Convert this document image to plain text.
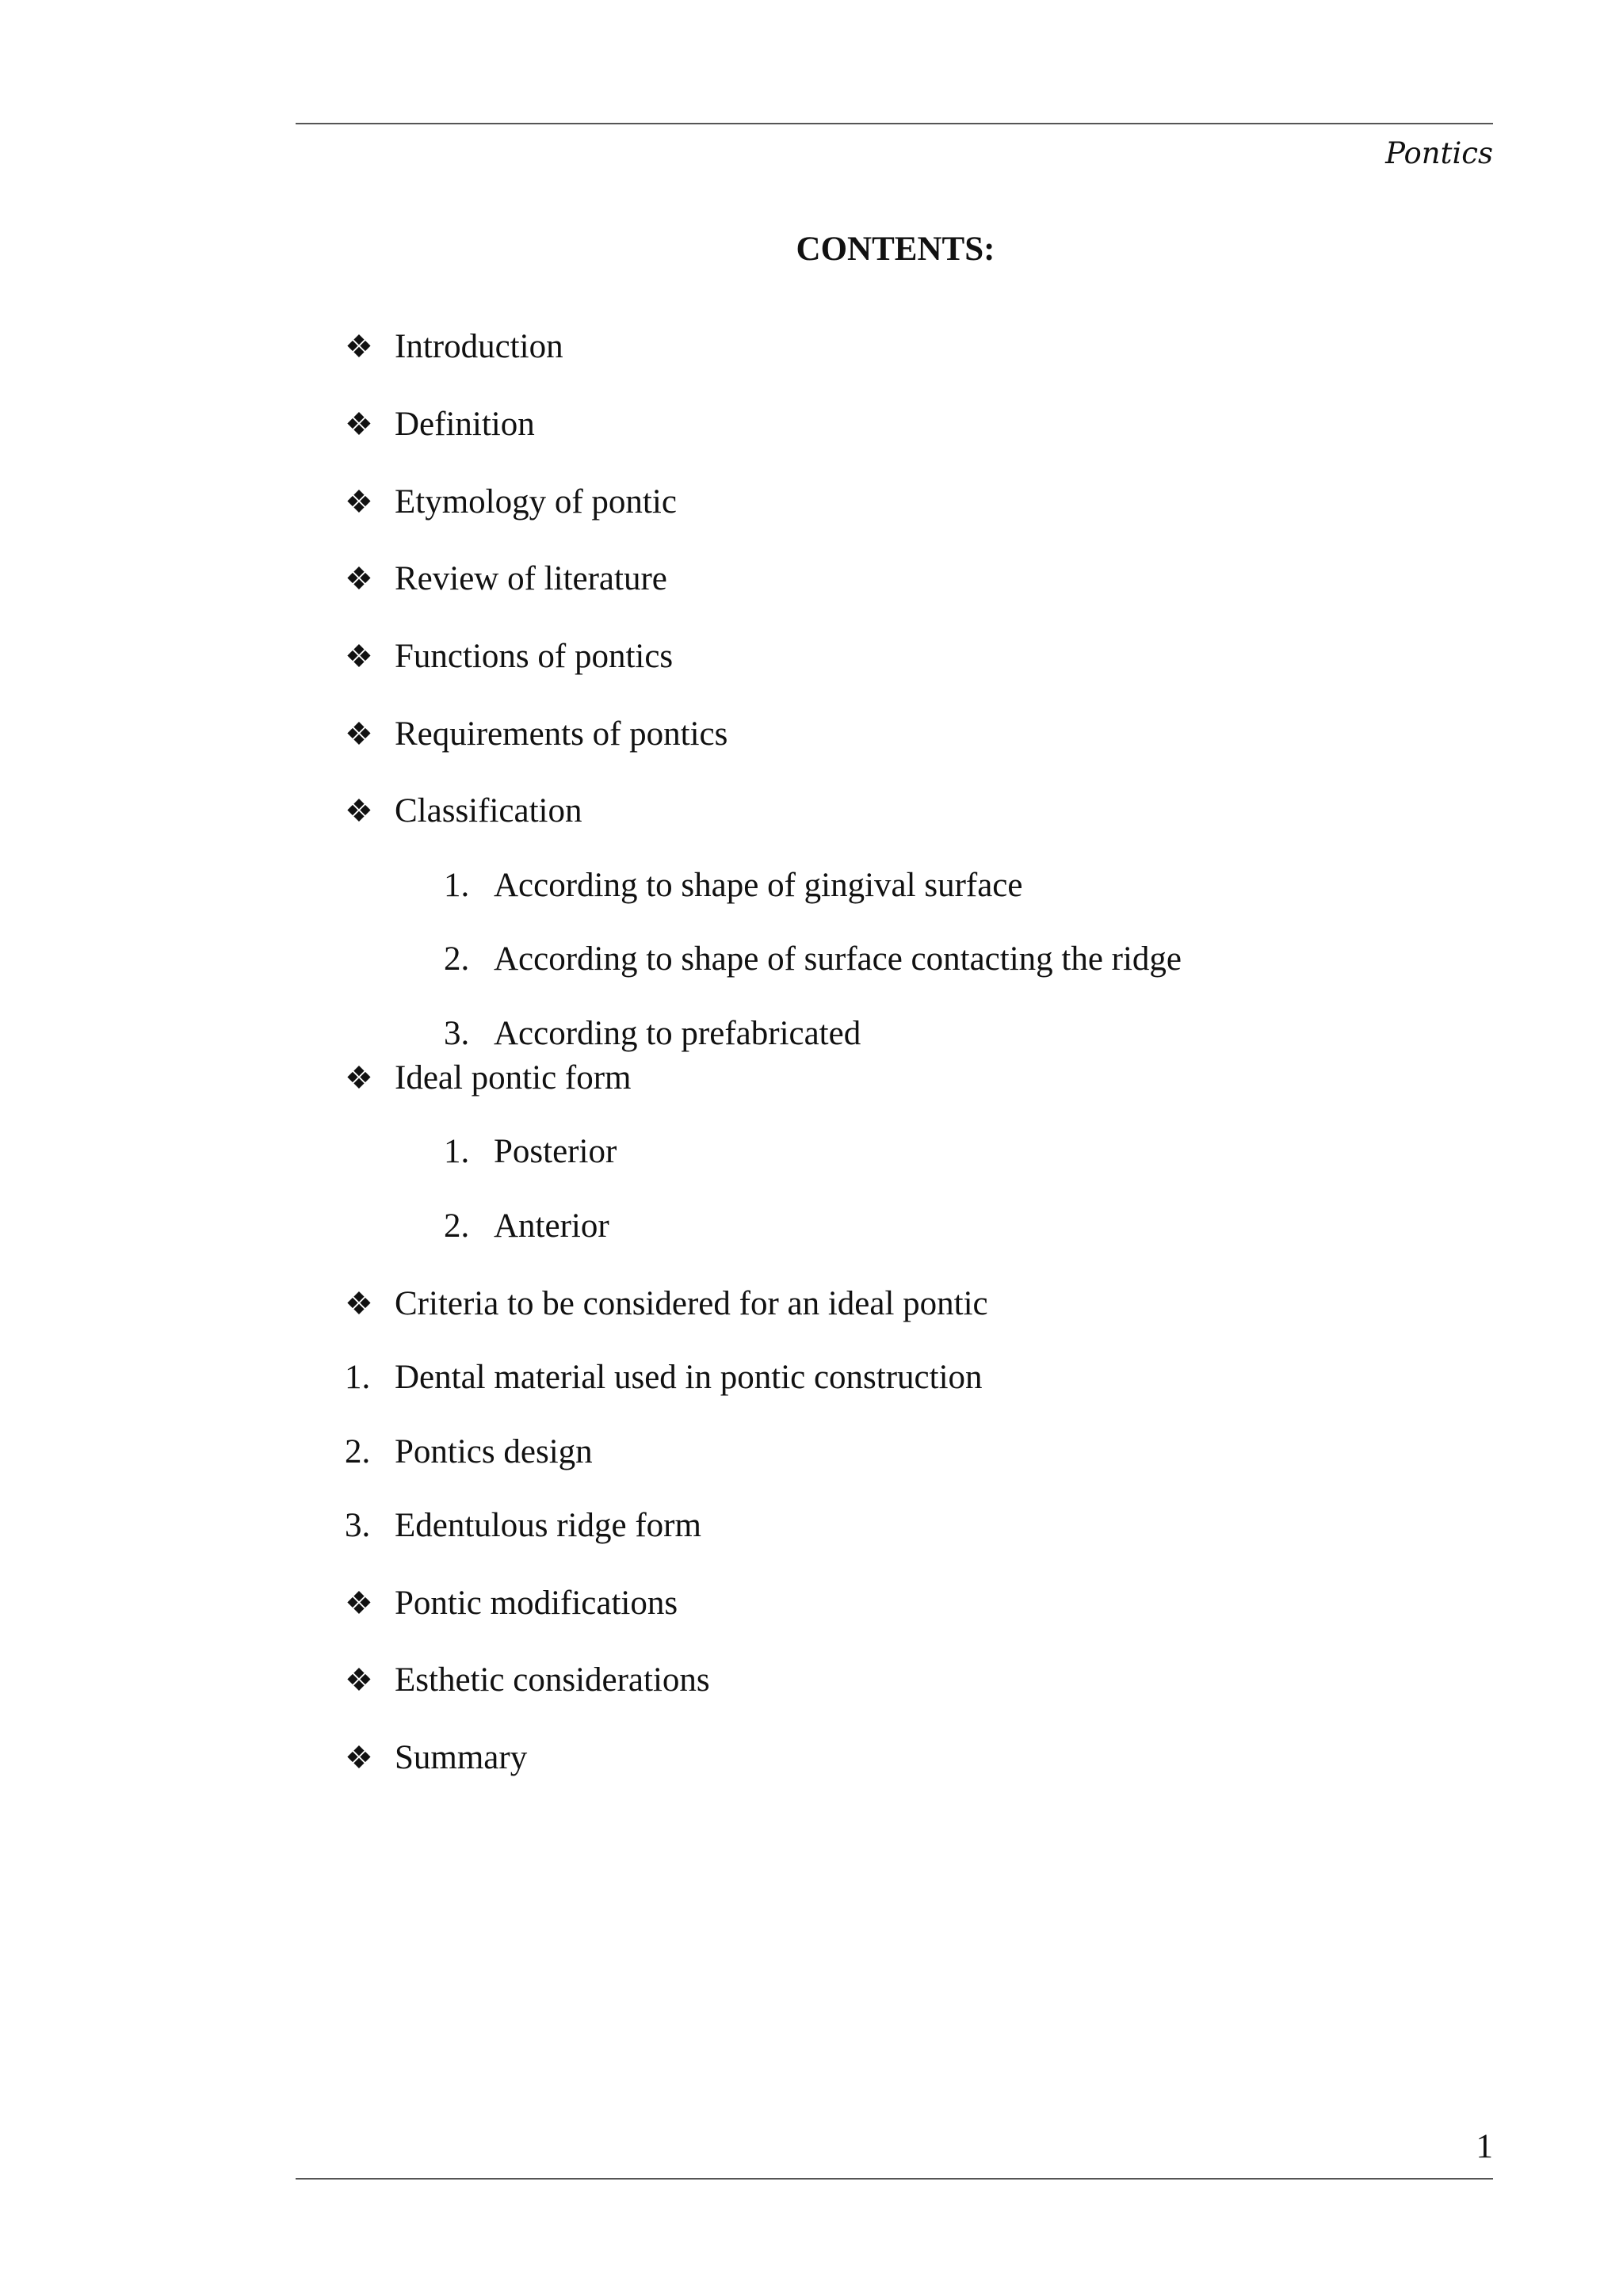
Pontics
CONTENTS:
❖ Introduction
❖ Definition
❖ Etymology of pontic
❖ Review of literature
❖ Functions of pontics
❖ Requirements of pontics
❖ Classification
1. According to shape of gingival surface
2. According to shape of surface contacting the ridge
3. According to prefabricated
❖ Ideal pontic form
1. Posterior
2. Anterior
❖ Criteria to be considered for an ideal pontic
1. Dental material used in pontic construction
2. Pontics design
3. Edentulous ridge form
❖ Pontic modifications
❖ Esthetic considerations
❖ Summary
1
